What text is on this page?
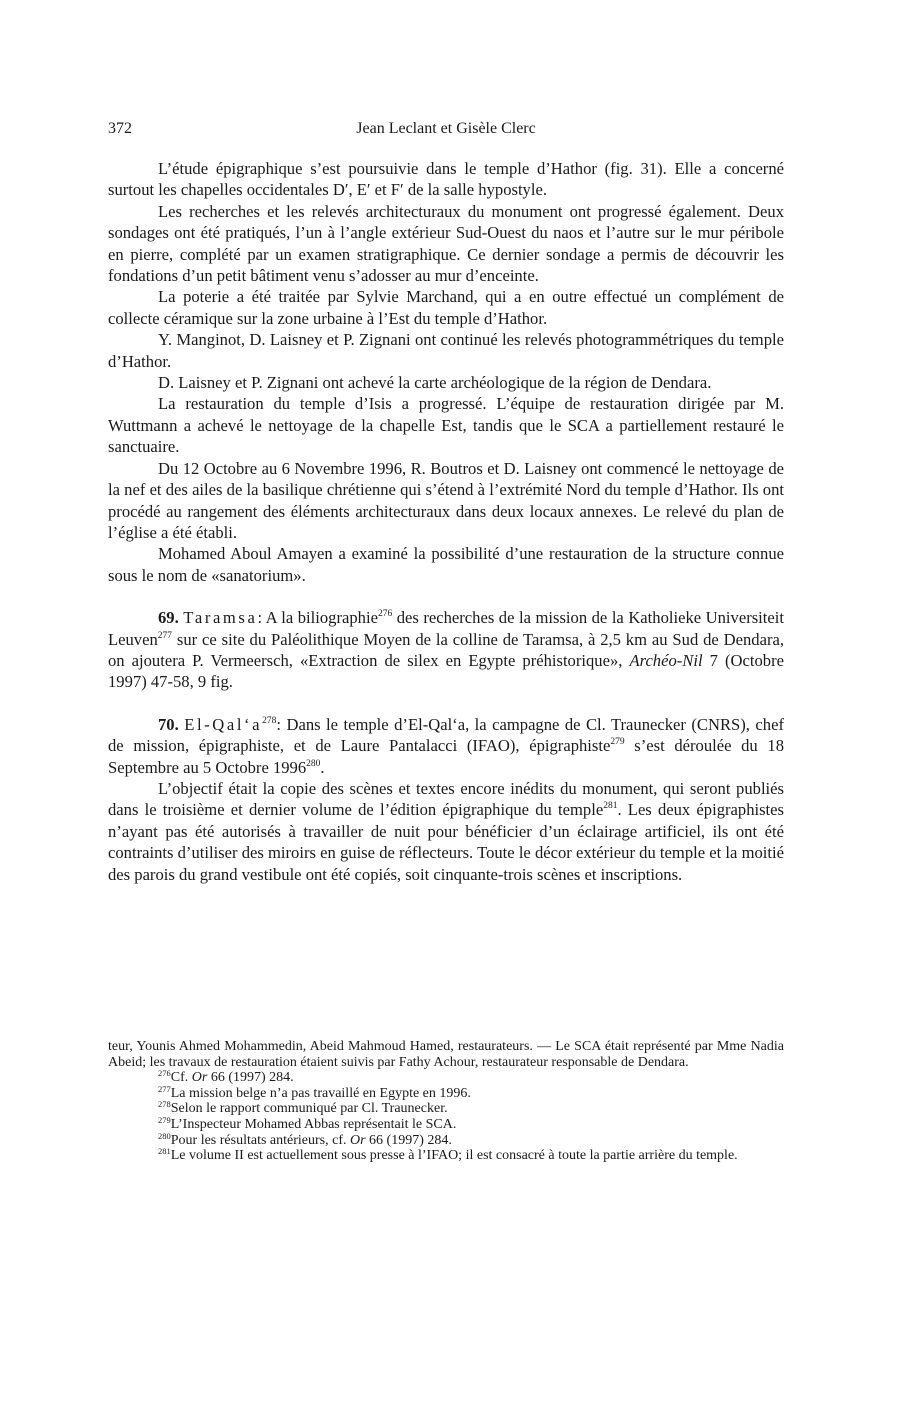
372	Jean Leclant et Gisèle Clerc

L’étude épigraphique s’est poursuivie dans le temple d’Hathor (fig. 31). Elle a concerné surtout les chapelles occidentales D′, E′ et F′ de la salle hypostyle.

Les recherches et les relevés architecturaux du monument ont progressé également. Deux sondages ont été pratiqués, l’un à l’angle extérieur Sud-Ouest du naos et l’autre sur le mur péribole en pierre, complété par un examen stratigraphique. Ce dernier sondage a permis de découvrir les fondations d’un petit bâtiment venu s’adosser au mur d’enceinte.

La poterie a été traitée par Sylvie Marchand, qui a en outre effectué un complément de collecte céramique sur la zone urbaine à l’Est du temple d’Hathor.

Y. Manginot, D. Laisney et P. Zignani ont continué les relevés photogrammétriques du temple d’Hathor.

D. Laisney et P. Zignani ont achevé la carte archéologique de la région de Dendara.

La restauration du temple d’Isis a progressé. L’équipe de restauration dirigée par M. Wuttmann a achevé le nettoyage de la chapelle Est, tandis que le SCA a partiellement restauré le sanctuaire.

Du 12 Octobre au 6 Novembre 1996, R. Boutros et D. Laisney ont commencé le nettoyage de la nef et des ailes de la basilique chrétienne qui s’étend à l’extrémité Nord du temple d’Hathor. Ils ont procédé au rangement des éléments architecturaux dans deux locaux annexes. Le relevé du plan de l’église a été établi.

Mohamed Aboul Amayen a examiné la possibilité d’une restauration de la structure connue sous le nom de «sanatorium».

69. Taramsa: A la biliographie$^{276}$ des recherches de la mission de la Katholieke Universiteit Leuven$^{277}$ sur ce site du Paléolithique Moyen de la colline de Taramsa, à 2,5 km au Sud de Dendara, on ajoutera P. Vermeersch, «Extraction de silex en Egypte préhistorique», Archéo-Nil 7 (Octobre 1997) 47-58, 9 fig.

70. $El-Qal‘a^{278}$: Dans le temple d’El-Qal‘a, la campagne de Cl. Traunecker (CNRS), chef de mission, épigraphiste, et de Laure Pantalacci (IFAO), épigraphiste$^{279}$ s’est déroulée du 18 Septembre au 5 Octobre 1996$^{280}$.

L’objectif était la copie des scènes et textes encore inédits du monument, qui seront publiés dans le troisième et dernier volume de l’édition épigraphique du temple$^{281}$. Les deux épigraphistes n’ayant pas été autorisés à travailler de nuit pour bénéficier d’un éclairage artificiel, ils ont été contraints d’utiliser des miroirs en guise de réflecteurs. Toute le décor extérieur du temple et la moitié des parois du grand vestibule ont été copiés, soit cinquante-trois scènes et inscriptions.

teur, Younis Ahmed Mohammedin, Abeid Mahmoud Hamed, restaurateurs. — Le SCA était représenté par Mme Nadia Abeid; les travaux de restauration étaient suivis par Fathy Achour, restaurateur responsable de Dendara.

$^{276}$Cf. Or 66 (1997) 284.

$^{277}$La mission belge n’a pas travaillé en Egypte en 1996.

$^{278}$Selon le rapport communiqué par Cl. Traunecker.

$^{279}$L’Inspecteur Mohamed Abbas représentait le SCA.

$^{280}$Pour les résultats antérieurs, cf. Or 66 (1997) 284.

$^{281}$Le volume II est actuellement sous presse à l’IFAO; il est consacré à toute la partie arrière du temple.
